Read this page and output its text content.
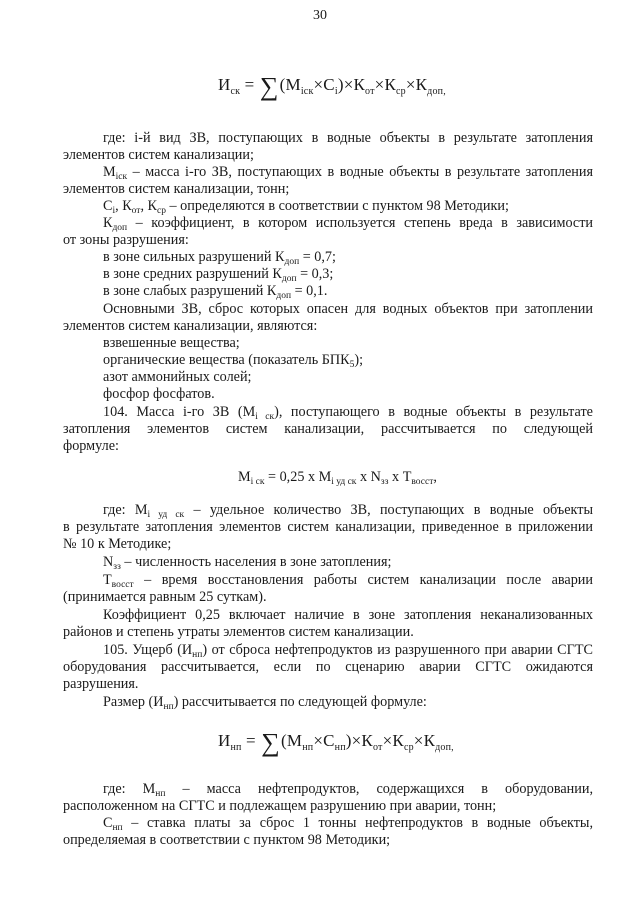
30
$И_{ск} = \sum(М_{iск}\times С_i)\times К_{от}\times К_{ср}\times К_{доп,}$
где: i-й вид ЗВ, поступающих в водные объекты в результате затопления
элементов систем канализации;
$М_{iск}$ – масса i-го ЗВ, поступающих в водные объекты в результате затопления
элементов систем канализации, тонн;
$С_i$, $К_{от}$, $К_{ср}$ – определяются в соответствии с пунктом 98 Методики;
$К_{доп}$ – коэффициент, в котором используется степень вреда в зависимости
от зоны разрушения:
в зоне сильных разрушений $К_{доп} = 0,7$;
в зоне средних разрушений $К_{доп} = 0,3$;
в зоне слабых разрушений $К_{доп} = 0,1$.
Основными ЗВ, сброс которых опасен для водных объектов при затоплении
элементов систем канализации, являются:
взвешенные вещества;
органические вещества (показатель $БПК_5$);
азот аммонийных солей;
фосфор фосфатов.
104. Масса i-го ЗВ $(М_{i ск})$, поступающего в водные объекты в результате
затопления элементов систем канализации, рассчитывается по следующей
формуле:
$М_{i ск} = 0,25$ x $М_{i уд ск}$ x $N_{зз}$ x $Т_{восст}$,
где: $М_{i уд ск}$ – удельное количество ЗВ, поступающих в водные объекты
в результате затопления элементов систем канализации, приведенное в приложении
№ 10 к Методике;
$N_{зз}$ – численность населения в зоне затопления;
$Т_{восст}$ – время восстановления работы систем канализации после аварии
(принимается равным 25 суткам).
Коэффициент 0,25 включает наличие в зоне затопления неканализованных
районов и степень утраты элементов систем канализации.
105. Ущерб $(И_{нп})$ от сброса нефтепродуктов из разрушенного при аварии СГТС
оборудования рассчитывается, если по сценарию аварии СГТС ожидаются
разрушения.
Размер $(И_{нп})$ рассчитывается по следующей формуле:
$И_{нп} = \sum(М_{нп}\times С_{нп})\times К_{от}\times К_{ср}\times К_{доп,}$
где: $М_{нп}$ – масса нефтепродуктов, содержащихся в оборудовании,
расположенном на СГТС и подлежащем разрушению при аварии, тонн;
$С_{нп}$ – ставка платы за сброс 1 тонны нефтепродуктов в водные объекты,
определяемая в соответствии с пунктом 98 Методики;
